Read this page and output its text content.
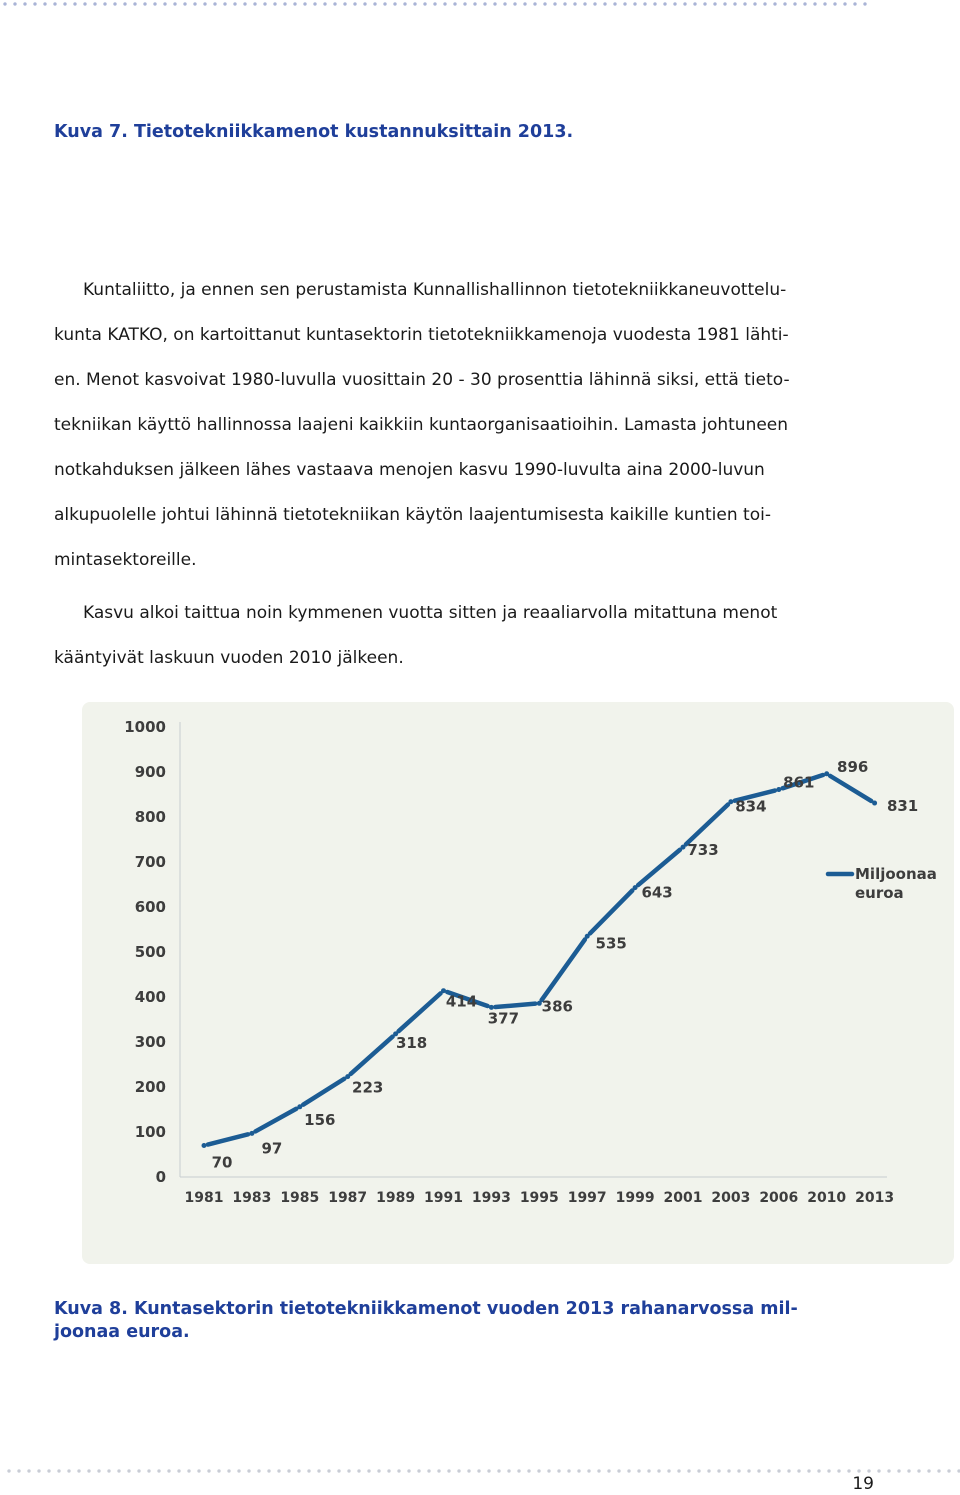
Kuva 7. Tietotekniikkamenot kustannuksittain 2013.

Kuntaliitto, ja ennen sen perustamista Kunnallishallinnon tietotekniikkaneuvottelu-

kunta KATKO, on kartoittanut kuntasektorin tietotekniikkamenoja vuodesta 1981 lähti-

en. Menot kasvoivat 1980-luvulla vuosittain 20 - 30 prosenttia lähinnä siksi, että tieto-

tekniikan käyttö hallinnossa laajeni kaikkiin kuntaorganisaatioihin. Lamasta johtuneen

notkahduksen jälkeen lähes vastaava menojen kasvu 1990-luvulta aina 2000-luvun

alkupuolelle johtui lähinnä tietotekniikan käytön laajentumisesta kaikille kuntien toi-

mintasektoreille.

Kasvu alkoi taittua noin kymmenen vuotta sitten ja reaaliarvolla mitattuna menot

kääntyivät laskuun vuoden 2010 jälkeen.

0
100
200
300
400
500
600
700
800
900
1000
1981 1983 1985 1987 1989 1991 1993 1995 1997 1999 2001 2003 2006 2010 2013
70
97
156
223
318
414
377
386
535
643
733
834
861
896
831
Miljoonaa
euroa
Kuva 8. Kuntasektorin tietotekniikkamenot vuoden 2013 rahanarvossa mil-
joonaa euroa.
19
